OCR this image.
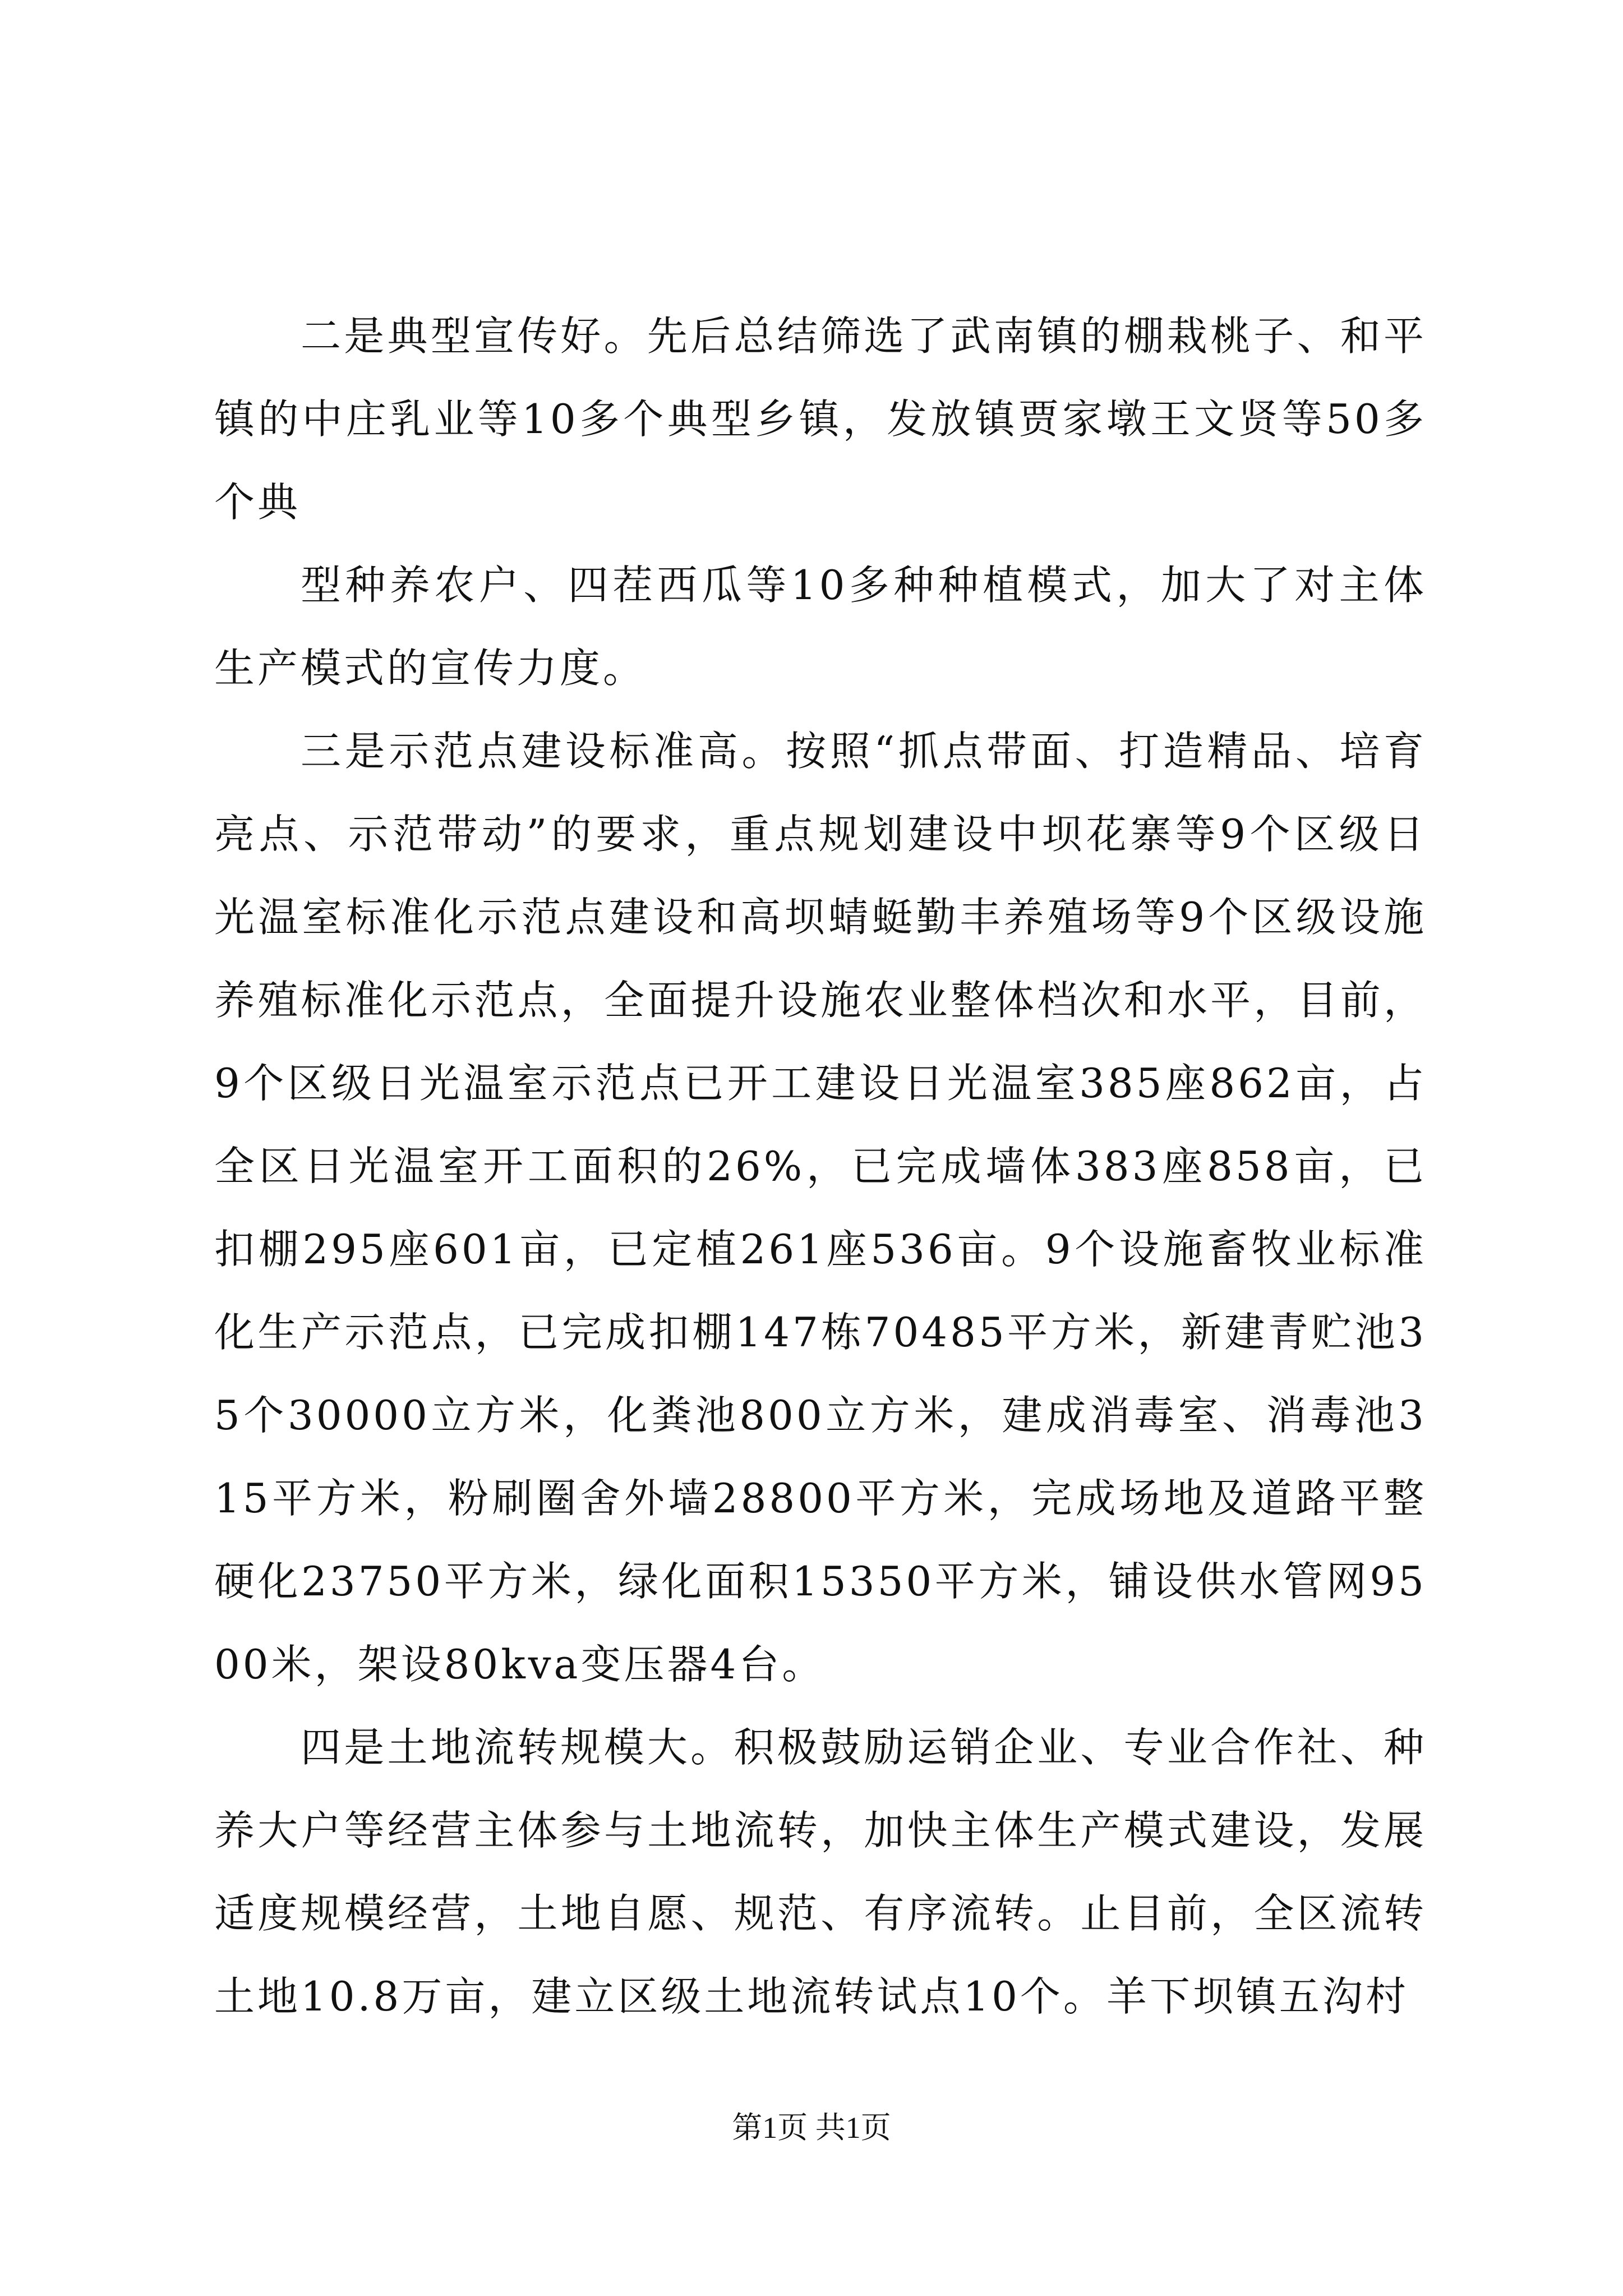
二是典型宣传好。先后总结筛选了武南镇的棚栽桃子、和平镇的中庄乳业等10多个典型乡镇，发放镇贾家墩王文贤等50多个典

型种养农户、四茬西瓜等10多种种植模式，加大了对主体生产模式的宣传力度。

三是示范点建设标准高。按照“抓点带面、打造精品、培育亮点、示范带动”的要求，重点规划建设中坝花寨等9个区级日光温室标准化示范点建设和高坝蜻蜓勤丰养殖场等9个区级设施养殖标准化示范点，全面提升设施农业整体档次和水平，目前，9个区级日光温室示范点已开工建设日光温室385座862亩，占全区日光温室开工面积的26%，已完成墙体383座858亩，已扣棚295座601亩，已定植261座536亩。9个设施畜牧业标准化生产示范点，已完成扣棚147栋70485平方米，新建青贮池35个30000立方米，化粪池800立方米，建成消毒室、消毒池315平方米，粉刷圈舍外墙28800平方米，完成场地及道路平整硬化23750平方米，绿化面积15350平方米，铺设供水管网9500米，架设80kva变压器4台。

四是土地流转规模大。积极鼓励运销企业、专业合作社、种养大户等经营主体参与土地流转，加快主体生产模式建设，发展适度规模经营，土地自愿、规范、有序流转。止目前，全区流转土地10.8万亩，建立区级土地流转试点10个。羊下坝镇五沟村

第1页 共1页
